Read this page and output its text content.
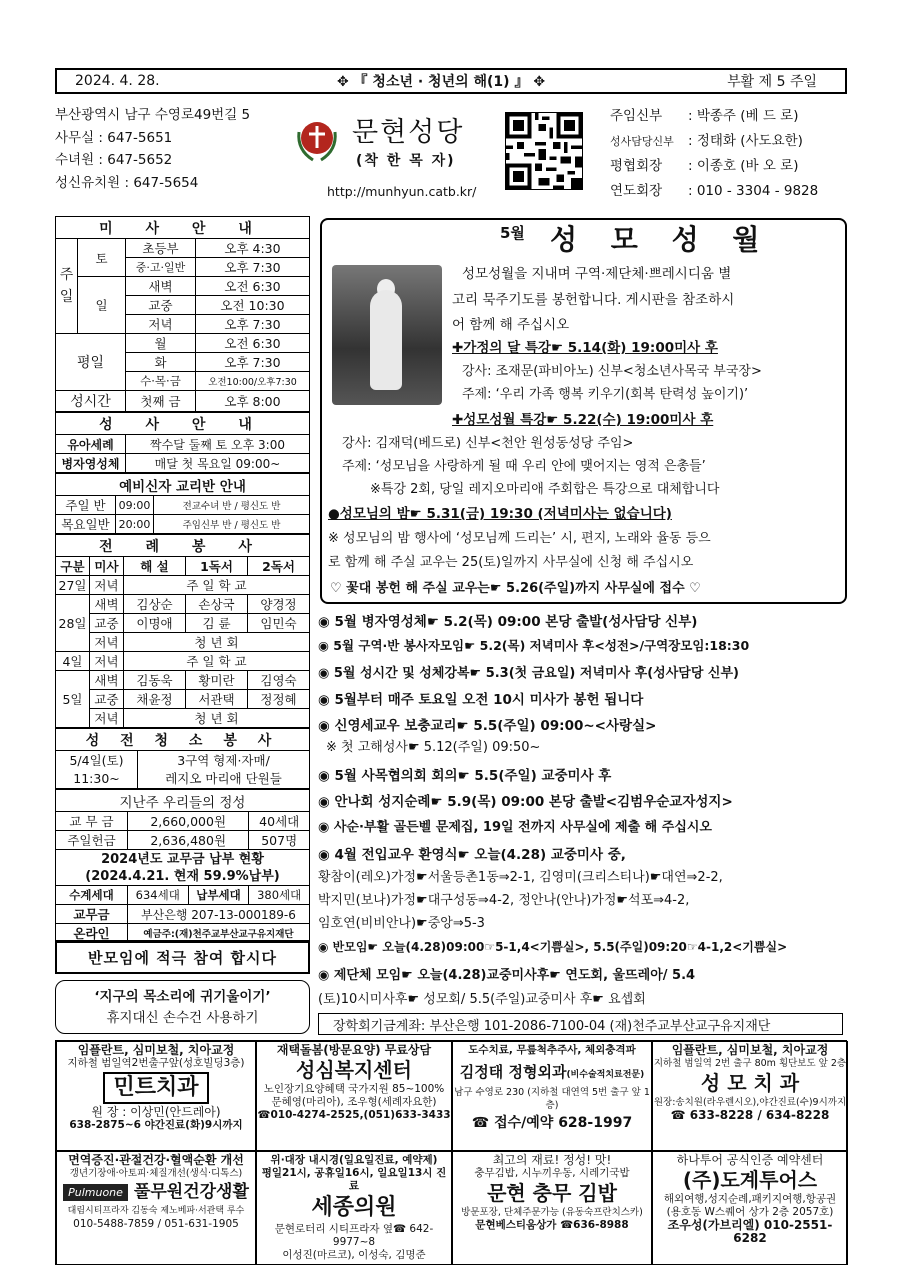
2024. 4. 28.	✥ 『 청소년 · 청년의 해(1) 』 ✥	부활 제 5 주일
부산광역시 남구 수영로49번길 5
사무실 : 647-5651
수녀원 : 647-5652
성신유치원 : 647-5654
문현성당
(착 한 목 자)
http://munhyun.catb.kr/
주임신부 : 박종주 (베 드 로)
성사담당신부 : 정태화 (사도요한)
평협회장 : 이종호 (바 오 로)
연도회장 : 010 - 3304 - 9828
미 사 안 내			
주
일	토	초등부	오후 4:30
		중·고·일반	오후 7:30
	일	새벽	오전 6:30
		교중	오전 10:30
		저녁	오후 7:30
평일		월	오전 6:30
		화	오후 7:30
		수·목·금	오전10:00/오후7:30
성시간		첫째 금	오후 8:00
성 사 안 내	
유아세례	짝수달 둘째 토 오후 3:00
병자영성체	매달 첫 목요일 09:00~
예비신자 교리반 안내		
주일 반	09:00	전교수녀 반 / 평신도 반
목요일반	20:00	주임신부 반 / 평신도 반
전 례 봉 사				
구분	미사	해 설	1독서	2독서
27일	저녁	주 일 학 교		
28일	새벽	김상순	손상국	양경정
	교중	이명애	김 륜	임민숙
	저녁	청 년 회		
4일	저녁	주 일 학 교		
5일	새벽	김동욱	황미란	김영숙
	교중	채윤정	서관택	정정혜
	저녁	청 년 회		
성 전 청 소 봉 사
5/4일(토)
11:30~	3구역 형제·자매/
레지오 마리애 단원들
지난주 우리들의 정성			
교 무 금	2,660,000원		40세대
주일헌금	2,636,480원		507명
2024년도 교무금 납부 현황
(2024.4.21. 현재 59.9%납부)			
수계세대	634세대	납부세대	380세대
교무금	부산은행 207-13-000189-6		
온라인	예금주:(재)천주교부산교구유지재단		
반모임에 적극 참여 합시다
‘지구의 목소리에 귀기울이기’
휴지대신 손수건 사용하기
5월 성 모 성 월
성모성월을 지내며 구역·제단체·쁘레시디움 별
고리 묵주기도를 봉헌합니다. 게시판을 참조하시
어 함께 해 주십시오
✚가정의 달 특강☛ 5.14(화) 19:00미사 후
강사: 조재문(파비아노) 신부<청소년사목국 부국장>
주제: ‘우리 가족 행복 키우기(회복 탄력성 높이기)’
✚성모성월 특강☛ 5.22(수) 19:00미사 후
강사: 김재덕(베드로) 신부<천안 원성동성당 주임>
주제: ‘성모님을 사랑하게 될 때 우리 안에 맺어지는 영적 은총들’
※특강 2회, 당일 레지오마리애 주회합은 특강으로 대체합니다
●성모님의 밤☛ 5.31(금) 19:30 (저녁미사는 없습니다)
※ 성모님의 밤 행사에 ‘성모님께 드리는’ 시, 편지, 노래와 율동 등으
로 함께 해 주실 교우는 25(토)일까지 사무실에 신청 해 주십시오
♡ 꽃대 봉헌 해 주실 교우는☛ 5.26(주일)까지 사무실에 접수 ♡
◉ 5월 병자영성체☛ 5.2(목) 09:00 본당 출발(성사담당 신부)
◉ 5월 구역·반 봉사자모임☛ 5.2(목) 저녁미사 후<성전>/구역장모임:18:30
◉ 5월 성시간 및 성체강복☛ 5.3(첫 금요일) 저녁미사 후(성사담당 신부)
◉ 5월부터 매주 토요일 오전 10시 미사가 봉헌 됩니다
◉ 신영세교우 보충교리☛ 5.5(주일) 09:00~<사랑실>
※ 첫 고해성사☛ 5.12(주일) 09:50~
◉ 5월 사목협의회 회의☛ 5.5(주일) 교중미사 후
◉ 안나회 성지순례☛ 5.9(목) 09:00 본당 출발<김범우순교자성지>
◉ 사순·부활 골든벨 문제집, 19일 전까지 사무실에 제출 해 주십시오
◉ 4월 전입교우 환영식☛ 오늘(4.28) 교중미사 중,
황참이(레오)가정☛서울등촌1동⇒2-1, 김영미(크리스티나)☛대연⇒2-2,
박지민(보나)가정☛대구성동⇒4-2, 정안나(안나)가정☛석포⇒4-2,
임호연(비비안나)☛중앙⇒5-3
◉ 반모임☛ 오늘(4.28)09:00☞5-1,4<기쁨실>, 5.5(주일)09:20☞4-1,2<기쁨실>
◉ 제단체 모임☛ 오늘(4.28)교중미사후☛ 연도회, 울뜨레아/ 5.4
(토)10시미사후☛ 성모회/ 5.5(주일)교중미사 후☛ 요셉회
장학회기금계좌: 부산은행 101-2086-7100-04 (재)천주교부산교구유지재단
임플란트, 심미보철, 치아교정
지하철 범일역2번출구앞(성호빌딩3층)
민트치과
원 장 : 이상민(안드레아)
638-2875~6 야간진료(화)9시까지
재택돌봄(방문요양) 무료상담
성심복지센터
노인장기요양혜택 국가지원 85~100%
문혜영(마리아), 조우형(세례자요한)
☎010-4274-2525,(051)633-3433
도수치료, 무릎척추주사, 체외충격파
김정태 정형외과(비수술적치료전문)
남구 수영로 230 (지하철 대연역 5번 출구 앞 1층)
☎ 접수/예약 628-1997
임플란트, 심미보철, 치아교정
지하철 범일역 2번 출구 80m 횡단보도 앞 2층
성 모 치 과
원장:송치원(라우렌시오),야간진료(수)9시까지
☎ 633-8228 / 634-8228
면역증진·관절건강·혈액순환 개선
갱년기장애·아토피·체질개선(생식·디톡스)
Pulmuone 풀무원건강생활
대림시티프라자 김동숙 제노베파·서관택 루수
010-5488-7859 / 051-631-1905
위·대장 내시경(일요일진료, 예약제)
평일21시, 공휴일16시, 일요일13시 진료
세종의원
문현로터리 시티프라자 옆☎ 642-9977~8
이성진(마르코), 이성숙, 김명준
최고의 재료! 정성! 맛!
충무김밥, 시누끼우동, 시레기국밥
문현 충무 김밥
방문포장, 단체주문가능 (유동숙프란치스카)
문현베스티움상가 ☎636-8988
하나투어 공식인증 예약센터
(주)도계투어스
해외여행,성지순례,패키지여행,항공권
(용호동 W스퀘어 상가 2층 2057호)
조우성(가브리엘) 010-2551-6282
